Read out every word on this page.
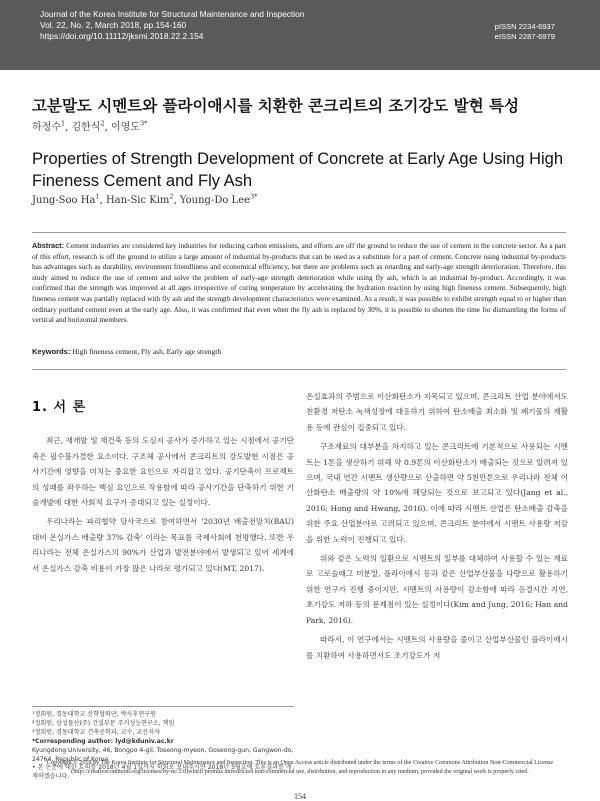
Journal of the Korea Institute for Structural Maintenance and Inspection
Vol. 22, No. 2, March 2018, pp.154-160
https://doi.org/10.11112/jksmi.2018.22.2.154
pISSN 2234-6937
eISSN 2287-6979
고분말도 시멘트와 플라이애시를 치환한 콘크리트의 조기강도 발현 특성
하정수$^1$, 김한식$^2$, 이영도$^{3*}$
Properties of Strength Development of Concrete at Early Age Using High Fineness Cement and Fly Ash
Jung-Soo Ha$^1$, Han-Sic Kim$^2$, Young-Do Lee$^{3*}$
Abstract: Cement industries are considered key industries for reducing carbon emissions, and efforts are off the ground to reduce the use of cement in the concrete sector. As a part of this effort, research is off the ground to utilize a large amount of industrial by-products that can be used as a substitute for a part of cement. Concrete using industrial by-products has advantages such as durability, environment friendliness and economical efficiency, but there are problems such as retarding and early-age strength deterioration. Therefore, this study aimed to reduce the use of cement and solve the problem of early-age strength deterioration while using fly ash, which is an industrial by-product. Accordingly, it was confirmed that the strength was improved at all ages irrespective of curing temperature by accelerating the hydration reaction by using high fineness cement. Subsequently, high fineness cement was partially replaced with fly ash and the strength development characteristics were examined. As a result, it was possible to exhibit strength equal to or higher than ordinary portland cement even at the early age. Also, it was confirmed that even when the fly ash is replaced by 30%, it is possible to shorten the time for dismantling the forms of vertical and horizontal members.
Keywords: High fineness cement, Fly ash, Early age strength
1. 서 론

최근, 재개발 및 재건축 등의 도심지 공사가 증가하고 있는 시점에서 공기단축은 필수불가결한 요소이다. 구조체 공사에서 콘크리트의 강도발현 시점은 공사기간에 영향을 미치는 중요한 요인으로 자리잡고 있다. 공기단축이 프로젝트의 성패를 좌우하는 핵심 요인으로 작용함에 따라 공사기간을 단축하기 위한 기술개발에 대한 사회적 요구가 증대되고 있는 실정이다.

우리나라는 파리협약 당사국으로 참여하면서 '2030년 배출전망치(BAU) 대비 온실가스 배출량 37% 감축' 이라는 목표를 국제사회에 천명했다. 또한 우리나라는 전체 온실가스의 90%가 산업과 발전분야에서 발생되고 있어 세계에서 온실가스 감축 비용이 가장 많은 나라로 평가되고 있다(MT, 2017).

온실효과의 주범으로 이산화탄소가 지목되고 있으며, 콘크리트 산업 분야에서도 친환경 저탄소 녹색성장에 대응하기 위하여 탄소배출 최소화 및 폐기물의 재활용 등에 관심이 집중되고 있다.

구조재료의 대부분을 차지하고 있는 콘크리트에 기본적으로 사용되는 시멘트는 1톤을 생산하기 위해 약 0.9톤의 이산화탄소가 배출되는 것으로 알려져 있으며, 국내 연간 시멘트 생산량으로 산출하면 약 5천만톤으로 우리나라 전체 이산화탄소 배출량의 약 10%에 해당되는 것으로 보고되고 있다(Jang et al., 2016; Hong and Hwang, 2016). 이에 따라 시멘트 산업은 탄소배출 감축을 위한 주요 산업분야로 고려되고 있으며, 콘크리트 분야에서 시멘트 사용량 저감을 위한 노력이 진행되고 있다.

위와 같은 노력의 일환으로 시멘트의 일부를 대체하여 사용할 수 있는 재료로 고로슬래그 미분말, 플라이애시 등과 같은 산업부산물을 다량으로 활용하기 위한 연구가 진행 중이지만, 시멘트의 사용량이 감소함에 따라 응결시간 지연, 초기강도 저하 등의 문제점이 있는 실정이다(Kim and Jung, 2016; Han and Park, 2016).

따라서, 이 연구에서는 시멘트의 사용량을 줄이고 산업부산물인 플라이애시를 치환하여 사용하면서도 조기강도가 저

¹정회원, 경동대학교 산학협력단, 박사후연구원
²정회원, 삼성물산(주) 건설부문 주거성능연구소, 책임
³정회원, 경동대학교 건축공학과, 교수, 교신저자
*Corresponding author: lyd@kduniv.ac.kr
Kyungdong University, 46, Bongpo 4-gil, Toseong-myeon, Goseong-gun, Gangwon-do, 24764, Republic of Korea
• 본 논문에 대한 토의를 2018년 4월 1일까지 학회로 보내주시면 2018년 5월호에 토론결과를 게재하겠습니다.
Copyright © 2018 by The Korea Institute for Structural Maintenance and Inspection. This is an Open Access article distributed under the terms of the Creative Commons Attribution Non-Commercial License (http://creativecommons.org/licenses/by-nc/3.0)which permits unrestricted non-commercial use, distribution, and reproduction in any medium, provided the original work is properly cited.
154
